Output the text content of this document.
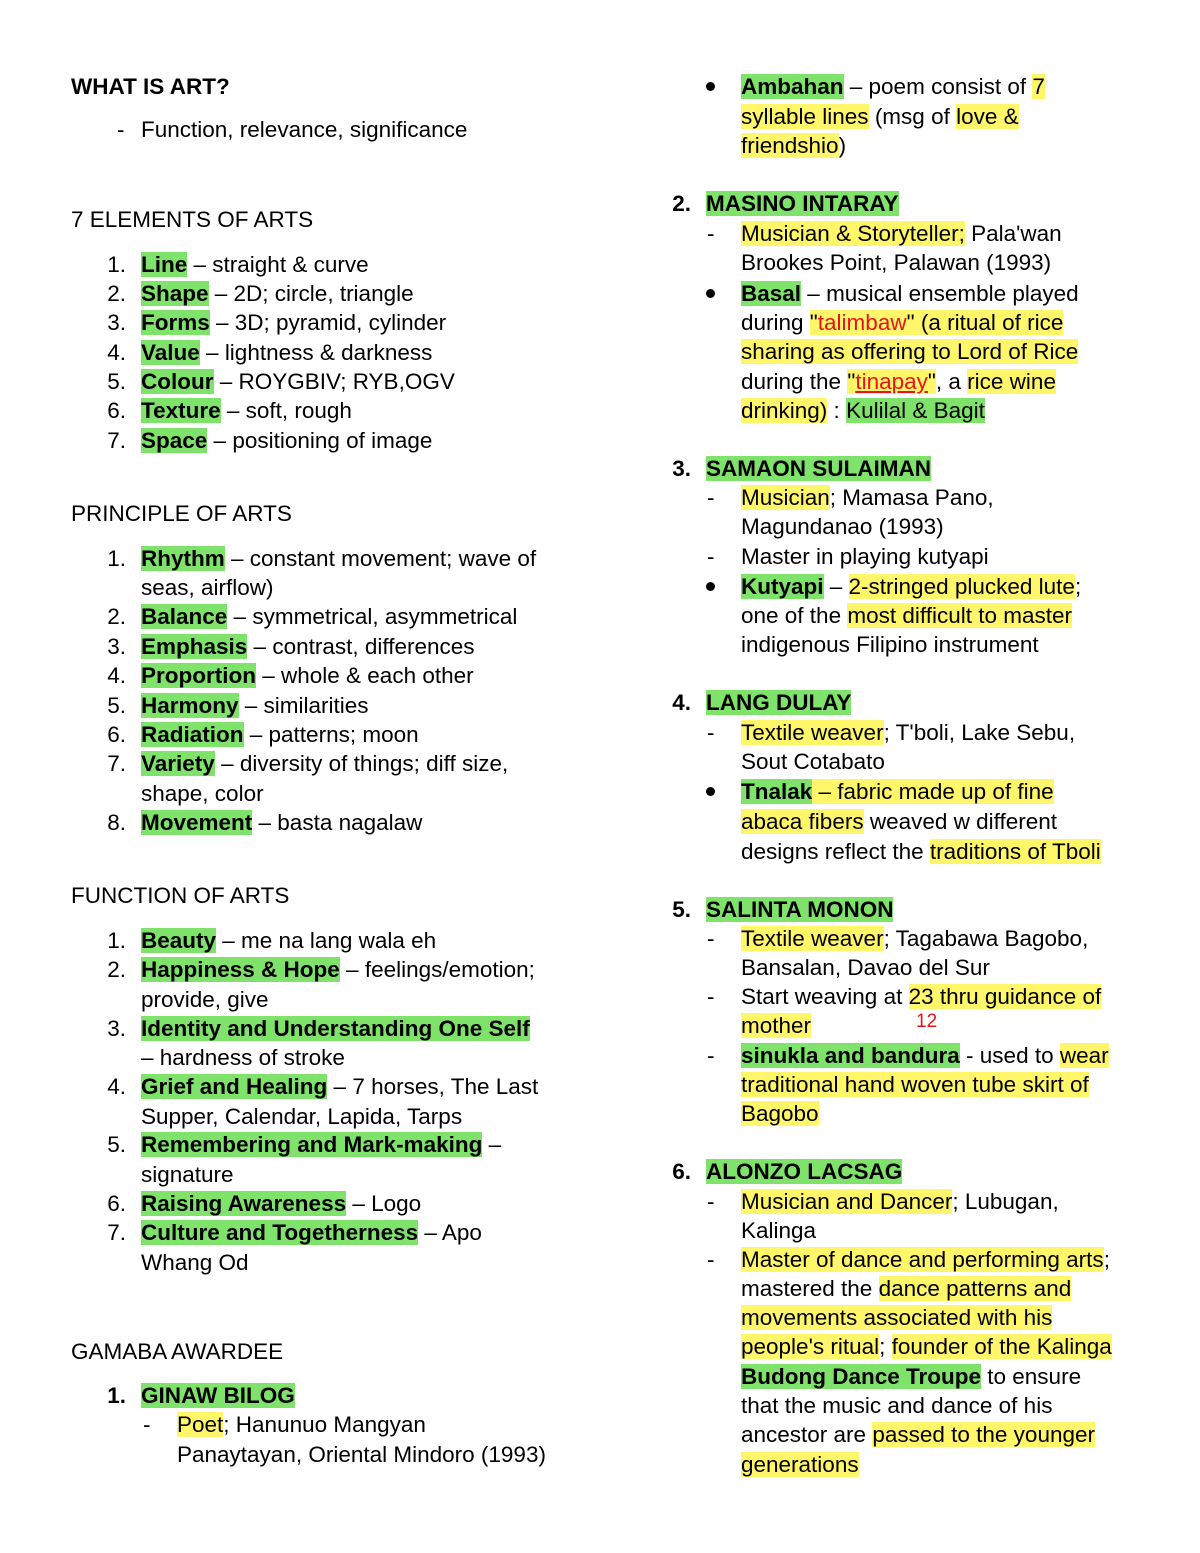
WHAT IS ART?
- Function, relevance, significance
7 ELEMENTS OF ARTS
1. Line – straight & curve
2. Shape – 2D; circle, triangle
3. Forms – 3D; pyramid, cylinder
4. Value – lightness & darkness
5. Colour – ROYGBIV; RYB,OGV
6. Texture – soft, rough
7. Space – positioning of image
PRINCIPLE OF ARTS
1. Rhythm – constant movement; wave of
seas, airflow)
2. Balance – symmetrical, asymmetrical
3. Emphasis – contrast, differences
4. Proportion – whole & each other
5. Harmony – similarities
6. Radiation – patterns; moon
7. Variety – diversity of things; diff size,
shape, color
8. Movement – basta nagalaw
FUNCTION OF ARTS
1. Beauty – me na lang wala eh
2. Happiness & Hope – feelings/emotion;
provide, give
3. Identity and Understanding One Self
– hardness of stroke
4. Grief and Healing – 7 horses, The Last
Supper, Calendar, Lapida, Tarps
5. Remembering and Mark-making –
signature
6. Raising Awareness – Logo
7. Culture and Togetherness – Apo
Whang Od
GAMABA AWARDEE
1. GINAW BILOG
- Poet; Hanunuo Mangyan
Panaytayan, Oriental Mindoro (1993)
Ambahan – poem consist of 7
syllable lines (msg of love &
friendshio)
2. MASINO INTARAY
- Musician & Storyteller; Pala'wan
Brookes Point, Palawan (1993)
Basal – musical ensemble played
during "talimbaw" (a ritual of rice
sharing as offering to Lord of Rice
during the "tinapay", a rice wine
drinking) : Kulilal & Bagit
3. SAMAON SULAIMAN
- Musician; Mamasa Pano,
Magundanao (1993)
- Master in playing kutyapi
Kutyapi – 2-stringed plucked lute;
one of the most difficult to master
indigenous Filipino instrument
4. LANG DULAY
- Textile weaver; T'boli, Lake Sebu,
Sout Cotabato
Tnalak – fabric made up of fine
abaca fibers weaved w different
designs reflect the traditions of Tboli
5. SALINTA MONON
- Textile weaver; Tagabawa Bagobo,
Bansalan, Davao del Sur
- Start weaving at 23 thru guidance of
mother	12
- sinukla and bandura - used to wear
traditional hand woven tube skirt of
Bagobo
6. ALONZO LACSAG
- Musician and Dancer; Lubugan,
Kalinga
- Master of dance and performing arts;
mastered the dance patterns and
movements associated with his
people's ritual; founder of the Kalinga
Budong Dance Troupe to ensure
that the music and dance of his
ancestor are passed to the younger
generations
